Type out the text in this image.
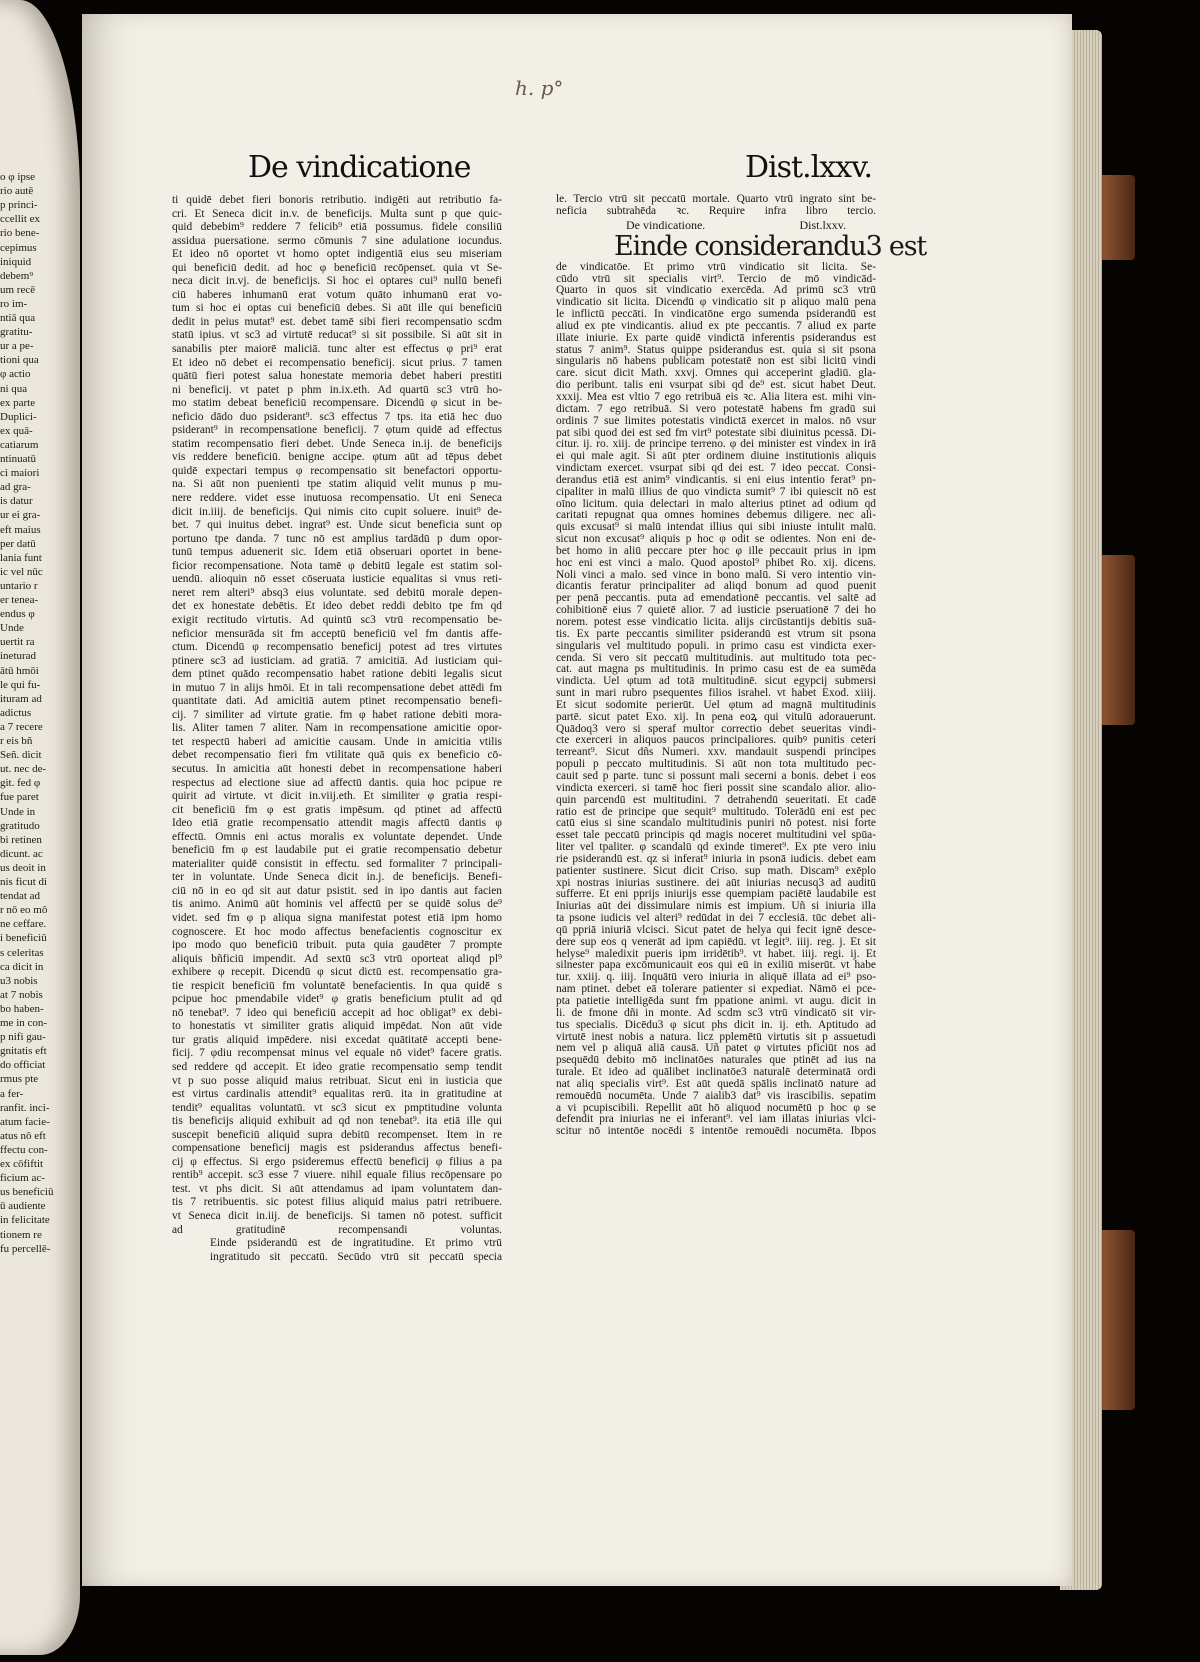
o φ ipse
rio autē
p princi-
ccellit ex
rio bene-
cepimus
iniquid
debem⁹
um recē
ro im-
ntiā qua
gratitu-
ur a pe-
tioni qua
φ actio
ni qua
ex parte
Duplici-
ex quā-
catiarum
ntinuatū
ci maiori
ad gra-
is datur
ur ei gra-
eft maius
per datū
lania funt
ic vel nūc
untario r
er tenea-
endus φ
Unde
uertit ra
ineturad
ātū hmōi
le qui fu-
ituram ad
adictus
a 7 recere
r eis bñ
Señ. dicit
ut. nec de-
git. fed φ
fue paret
Unde in
gratitudo
bi retinen
dicunt. ac
us deoit in
nis ficut di
tendat ad
r nō eo mō
ne ceffare.
i beneficiū
s celeritas
ca dicit in
u3 nobis
at 7 nobis
bo haben-
me in con-
p nifi gau-
gnitatis eft
do officiat
rmus pte
a fer-
ranfit. inci-
atum facie-
atus nō eft
ffectu con-
ex cōfiftit
ficium ac-
us beneficiū
ū audiente
in felicitate
tionem re
fu percellē-
h. p°
De vindicatione	Dist.lxxv.
ti quidē debet fieri bonoris retributio. indigēti aut retributio fa-
cri. Et Seneca dicit in.v. de beneficijs. Multa sunt p que quic-
quid debebim⁹ reddere 7 felicib⁹ etiā possumus. fidele consiliū
assidua puersatione. sermo cōmunis 7 sine adulatione iocundus.
Et ideo nō oportet vt homo optet indigentiā eius seu miseriam
qui beneficiū dedit. ad hoc φ beneficiū recōpenset. quia vt Se-
neca dicit in.vj. de beneficijs. Si hoc ei optares cui⁹ nullū benefi
ciū haberes inhumanū erat votum quāto inhumanū erat vo-
tum si hoc ei optas cui beneficiū debes. Si aūt ille qui beneficiū
dedit in peius mutat⁹ est. debet tamē sibi fieri recompensatio scdm
statū ipius. vt sc3 ad virtutē reducat⁹ si sit possibile. Si aūt sit in
sanabilis pter maiorē maliciā. tunc alter est effectus φ pri⁹ erat
Et ideo nō debet ei recompensatio beneficij. sicut prius. 7 tamen
quātū fieri potest salua honestate memoria debet haberi prestiti
ni beneficij. vt patet p phm in.ix.eth. Ad quartū sc3 vtrū ho-
mo statim debeat beneficiū recompensare. Dicendū φ sicut in be-
neficio dādo duo psiderant⁹. sc3 effectus 7 tps. ita etiā hec duo
psiderant⁹ in recompensatione beneficij. 7 φtum quidē ad effectus
statim recompensatio fieri debet. Unde Seneca in.ij. de beneficijs
vis reddere beneficiū. benigne accipe. φtum aūt ad tēpus debet
quidē expectari tempus φ recompensatio sit benefactori opportu-
na. Si aūt non puenienti tpe statim aliquid velit munus p mu-
nere reddere. videt esse inutuosa recompensatio. Ut eni Seneca
dicit in.iiij. de beneficijs. Qui nimis cito cupit soluere. inuit⁹ de-
bet. 7 qui inuitus debet. ingrat⁹ est. Unde sicut beneficia sunt op
portuno tpe danda. 7 tunc nō est amplius tardādū p dum opor-
tunū tempus aduenerit sic. Idem etiā obseruari oportet in bene-
ficior recompensatione. Nota tamē φ debitū legale est statim sol-
uendū. alioquin nō esset cōseruata iusticie equalitas si vnus reti-
neret rem alteri⁹ absq3 eius voluntate. sed debitū morale depen-
det ex honestate debētis. Et ideo debet reddi debito tpe fm qd
exigit rectitudo virtutis. Ad quintū sc3 vtrū recompensatio be-
neficior mensurāda sit fm acceptū beneficiū vel fm dantis affe-
ctum. Dicendū φ recompensatio beneficij potest ad tres virtutes
ptinere sc3 ad iusticiam. ad gratiā. 7 amicitiā. Ad iusticiam qui-
dem ptinet quādo recompensatio habet ratione debiti legalis sicut
in mutuo 7 in alijs hmōi. Et in tali recompensatione debet attēdi fm
quantitate dati. Ad amicitiā autem ptinet recompensatio benefi-
cij. 7 similiter ad virtute gratie. fm φ habet ratione debiti mora-
lis. Aliter tamen 7 aliter. Nam in recompensatione amicitie opor-
tet respectū haberi ad amicitie causam. Unde in amicitia vtilis
debet recompensatio fieri fm vtilitate quā quis ex beneficio cō-
secutus. In amicitia aūt honesti debet in recompensatione haberi
respectus ad electione siue ad affectū dantis. quia hoc pcipue re
quirit ad virtute. vt dicit in.viij.eth. Et similiter φ gratia respi-
cit beneficiū fm φ est gratis impēsum. qd ptinet ad affectū
Ideo etiā gratie recompensatio attendit magis affectū dantis φ
effectū. Omnis eni actus moralis ex voluntate dependet. Unde
beneficiū fm φ est laudabile put ei gratie recompensatio debetur
materialiter quidē consistit in effectu. sed formaliter 7 principali-
ter in voluntate. Unde Seneca dicit in.j. de beneficijs. Benefi-
ciū nō in eo qd sit aut datur psistit. sed in ipo dantis aut facien
tis animo. Animū aūt hominis vel affectū per se quidē solus de⁹
videt. sed fm φ p aliqua signa manifestat potest etiā ipm homo
cognoscere. Et hoc modo affectus benefacientis cognoscitur ex
ipo modo quo beneficiū tribuit. puta quia gaudēter 7 prompte
aliquis bñficiū impendit. Ad sextū sc3 vtrū oporteat aliqd pl⁹
exhibere φ recepit. Dicendū φ sicut dictū est. recompensatio gra-
tie respicit beneficiū fm voluntatē benefacientis. In qua quidē s
pcipue hoc pmendabile videt⁹ φ gratis beneficium ptulit ad qd
nō tenebat⁹. 7 ideo qui beneficiū accepit ad hoc obligat⁹ ex debi-
to honestatis vt similiter gratis aliquid impēdat. Non aūt vide
tur gratis aliquid impēdere. nisi excedat quātitatē accepti bene-
ficij. 7 φdiu recompensat minus vel equale nō videt⁹ facere gratis.
sed reddere qd accepit. Et ideo gratie recompensatio semp tendit
vt p suo posse aliquid maius retribuat. Sicut eni in iusticia que
est virtus cardinalis attendit⁹ equalitas rerū. ita in gratitudine at
tendit⁹ equalitas voluntatū. vt sc3 sicut ex pmptitudine volunta
tis beneficijs aliquid exhibuit ad qd non tenebat⁹. ita etiā ille qui
suscepit beneficiū aliquid supra debitū recompenset. Item in re
compensatione beneficij magis est psiderandus affectus benefi-
cij φ effectus. Si ergo psideremus effectū beneficij φ filius a pa
rentib⁹ accepit. sc3 esse 7 viuere. nihil equale filius recōpensare po
test. vt phs dicit. Si aūt attendamus ad ipam voluntatem dan-
tis 7 retribuentis. sic potest filius aliquid maius patri retribuere.
vt Seneca dicit in.iij. de beneficijs. Si tamen nō potest. sufficit
ad gratitudinē recompensandi voluntas.
Einde psiderandū est de ingratitudine. Et primo vtrū
ingratitudo sit peccatū. Secūdo vtrū sit peccatū specia
le. Tercio vtrū sit peccatū mortale. Quarto vtrū ingrato sint be-
neficia subtrahēda ꝛc. Require infra libro tercio.
De vindicatione.	Dist.lxxv.
Einde considerandu3 est
de vindicatōe. Et primo vtrū vindicatio sit licita. Se-
cūdo vtrū sit specialis virt⁹. Tercio de mō vindicād-
Quarto in quos sit vindicatio exercēda. Ad primū sc3 vtrū
vindicatio sit licita. Dicendū φ vindicatio sit p aliquo malū pena
le inflictū peccāti. In vindicatōne ergo sumenda psiderandū est
aliud ex pte vindicantis. aliud ex pte peccantis. 7 aliud ex parte
illate iniurie. Ex parte quidē vindictā inferentis psiderandus est
status 7 anim⁹. Status quippe psiderandus est. quia si sit psona
singularis nō habens publicam potestatē non est sibi licitū vindi
care. sicut dicit Math. xxvj. Omnes qui acceperint gladiū. gla-
dio peribunt. talis eni vsurpat sibi qd de⁹ est. sicut habet Deut.
xxxij. Mea est vltio 7 ego retribuā eis ꝛc. Alia litera est. mihi vin-
dictam. 7 ego retribuā. Si vero potestatē habens fm gradū sui
ordinis 7 sue limites potestatis vindictā exercet in malos. nō vsur
pat sibi quod dei est sed fm virt⁹ potestate sibi diuinitus pcessā. Di-
citur. ij. ro. xiij. de principe terreno. φ dei minister est vindex in irā
ei qui male agit. Si aūt pter ordinem diuine institutionis aliquis
vindictam exercet. vsurpat sibi qd dei est. 7 ideo peccat. Consi-
derandus etiā est anim⁹ vindicantis. si eni eius intentio ferat⁹ pn-
cipaliter in malū illius de quo vindicta sumit⁹ 7 ibi quiescit nō est
oīno licitum. quia delectari in malo alterius ptinet ad odium qd
caritati repugnat qua omnes homines debemus diligere. nec ali-
quis excusat⁹ si malū intendat illius qui sibi iniuste intulit malū.
sicut non excusat⁹ aliquis p hoc φ odit se odientes. Non eni de-
bet homo in aliū peccare pter hoc φ ille peccauit prius in ipm
hoc eni est vinci a malo. Quod apostol⁹ phibet Ro. xij. dicens.
Noli vinci a malo. sed vince in bono malū. Si vero intentio vin-
dicantis feratur principaliter ad aliqd bonum ad quod puenit
per penā peccantis. puta ad emendationē peccantis. vel saltē ad
cohibitionē eius 7 quietē alior. 7 ad iusticie pseruationē 7 dei ho
norem. potest esse vindicatio licita. alijs circūstantijs debitis suā-
tis. Ex parte peccantis similiter psiderandū est vtrum sit psona
singularis vel multitudo populi. in primo casu est vindicta exer-
cenda. Si vero sit peccatū multitudinis. aut multitudo tota pec-
cat. aut magna ps multitudinis. In primo casu est de ea sumēda
vindicta. Uel φtum ad totā multitudinē. sicut egypcij submersi
sunt in mari rubro psequentes filios israhel. vt habet Exod. xiiij.
Et sicut sodomite perierūt. Uel φtum ad magnā multitudinis
partē. sicut patet Exo. xij. In pena eoꝝ qui vitulū adorauerunt.
Quādoq3 vero si speraf multor correctio debet seueritas vindi-
cte exerceri in aliquos paucos principaliores. quibꝰ punitis ceteri
terreant⁹. Sicut dñs Numeri. xxv. mandauit suspendi principes
populi p peccato multitudinis. Si aūt non tota multitudo pec-
cauit sed p parte. tunc si possunt mali secerni a bonis. debet i eos
vindicta exerceri. si tamē hoc fieri possit sine scandalo alior. alio-
quin parcendū est multitudini. 7 detrahendū seueritati. Et cadē
ratio est de principe que sequit⁹ multitudo. Tolerādū eni est pec
catū eius si sine scandalo multitudinis puniri nō potest. nisi forte
esset tale peccatū principis qd magis noceret multitudini vel spūa-
liter vel tpaliter. φ scandalū qd exinde timeret⁹. Ex pte vero iniu
rie psiderandū est. qz si inferat⁹ iniuria in psonā iudicis. debet eam
patienter sustinere. Sicut dicit Criso. sup math. Discam⁹ exēplo
xpi nostras iniurias sustinere. dei aūt iniurias necusq3 ad auditū
sufferre. Et eni pprijs iniurijs esse quempiam paciētē laudabile est
Iniurias aūt dei dissimulare nimis est impium. Uñ si iniuria illa
ta psone iudicis vel alteri⁹ redūdat in dei 7 ecclesiā. tūc debet ali-
qū ppriā iniuriā vlcisci. Sicut patet de helya qui fecit ignē desce-
dere sup eos q venerāt ad ipm capiēdū. vt legit⁹. iiij. reg. j. Et sit
helyse⁹ maledixit pueris ipm irridētib⁹. vt habet. iiij. regi. ij. Et
silnester papa excōmunicauit eos qui eū in exiliū miserūt. vt habe
tur. xxiij. q. iiij. Inquātū vero iniuria in aliquē illata ad ei⁹ pso-
nam ptinet. debet eā tolerare patienter si expediat. Nāmō ei pce-
pta patietie intelligēda sunt fm ppatione animi. vt augu. dicit in
li. de fmone dñi in monte. Ad scdm sc3 vtrū vindicatō sit vir-
tus specialis. Dicēdu3 φ sicut phs dicit in. ij. eth. Aptitudo ad
virtutē inest nobis a natura. licz pplemētū virtutis sit p assuetudi
nem vel p aliquā aliā causā. Uñ patet φ virtutes pficiūt nos ad
psequēdū debito mō inclinatōes naturales que ptinēt ad ius na
turale. Et ideo ad quālibet inclinatōe3 naturalē determinatā ordi
nat aliq specialis virt⁹. Est aūt quedā spālis inclinatō nature ad
remouēdū nocumēta. Unde 7 aialib3 dat⁹ vis irascibilis. sepatim
a vi pcupiscibili. Repellit aūt hō aliquod nocumētū p hoc φ se
defendit pra iniurias ne ei inferant⁹. vel iam illatas iniurias vlci-
scitur nō intentōe nocēdi s̄ intentōe remouēdi nocumēta. Ibpos
